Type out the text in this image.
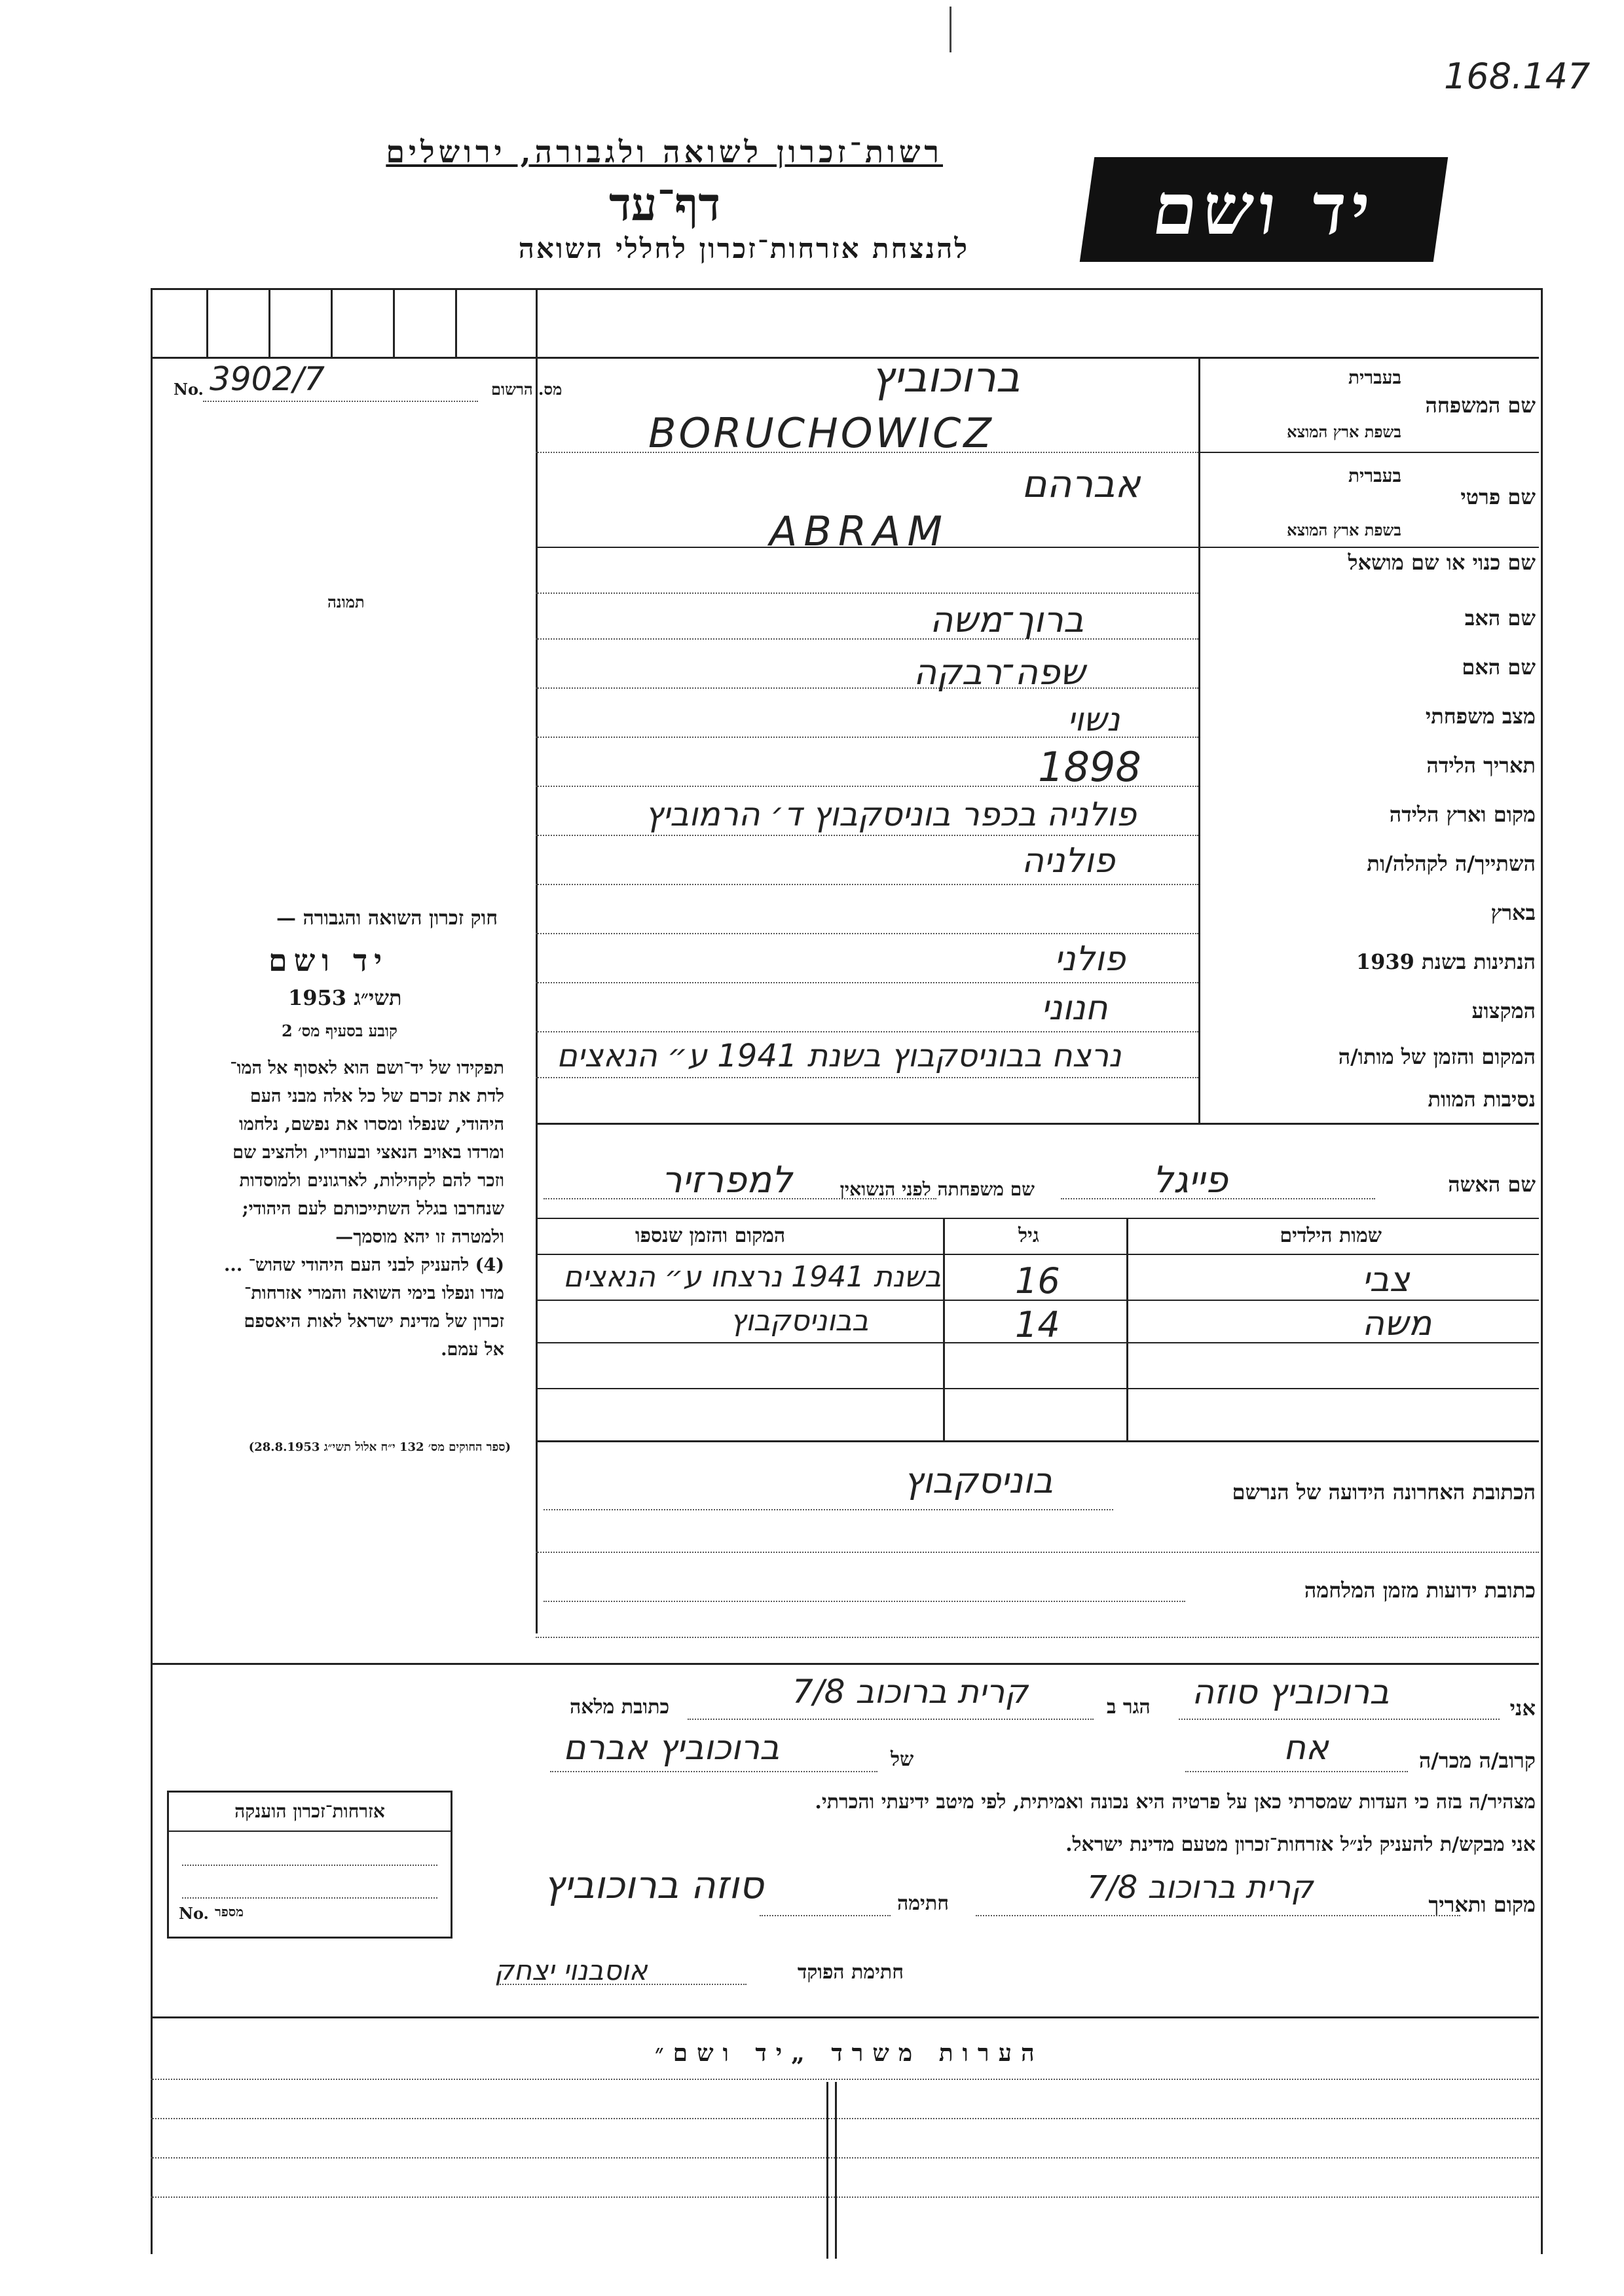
168.147
רשות־זכרון לשואה ולגבורה, ירושלים
דף־עד
להנצחת אזרחות־זכרון לחללי השואה	יד ושם
מס. הרשום
No. 3902/7
תמונה
שם המשפחה
בעברית
בשפת ארץ המוצא
שם פרטי
בעברית
בשפת ארץ המוצא
שם כנוי או שם מושאל
שם האב
שם האם
מצב משפחתי
תאריך הלידה
מקום וארץ הלידה
השתייך/ה לקהלה/ות
בארץ
הנתינות בשנת 1939
המקצוע
המקום והזמן של מותו/ה
נסיבות המוות
ברוכוביץ
BORUCHOWICZ
אברהם
ABRAM
ברוך־משה
שפה־רבקה
נשוי
1898
פולניה בכפר בוניסקבוץ ד׳ הרמוביץ
פולניה
פולני
חנוני
נרצח בבוניסקבוץ בשנת 1941 ע״ הנאצים
חוק זכרון השואה והגבורה —
יד ושם
תשי״ג 1953
קובע בסעיף מס׳ 2
תפקידו של יד־ושם הוא לאסוף אל המו־
לדת את זכרם של כל אלה מבני העם
היהודי, שנפלו ומסרו את נפשם, נלחמו
ומרדו באויב הנאצי ובעוזריו, ולהציב שם
וזכר להם לקהילות, לארגונים ולמוסדות
שנחרבו בגלל השתייכותם לעם היהודי;
ולמטרה זו יהא מוסמך—
(4) להעניק לבני העם היהודי שהוש־ ...
מדו ונפלו בימי השואה והמרי אזרחות־
זכרון של מדינת ישראל לאות היאספם
אל עמם.
(ספר החוקים מס׳ 132 י״ח אלול תשי״ג 28.8.1953)
שם האשה
פייגל
שם משפחתה לפני הנשואין
למפרזיר
שמות הילדים
גיל
המקום והזמן שנספו
צבי
16
בשנת 1941 נרצחו ע״ הנאצים
משה
14
בבוניסקבוץ
הכתובת האחרונה הידועה של הנרשם
בוניסקבוץ
כתובת ידועות מזמן המלחמה
אני
ברוכוביץ סוזה
הגר ב
קרית ברוכוב 7/8
כתובת מלאה
קרוב/ה מכר/ה
אח
של
ברוכוביץ אברם
מצהיר/ה בזה כי העדות שמסרתי כאן על פרטיה היא נכונה ואמיתית, לפי מיטב ידיעתי והכרתי.
אני מבקש/ת להעניק לנ״ל אזרחות־זכרון מטעם מדינת ישראל.
מקום ותאריך
קרית ברוכוב 7/8
חתימה
סוזה ברוכוביץ
חתימת הפוקד
אוסבנוי יצחק
אזרחות־זכרון הוענקה
No. מספר
הערות משרד „יד ושם״
